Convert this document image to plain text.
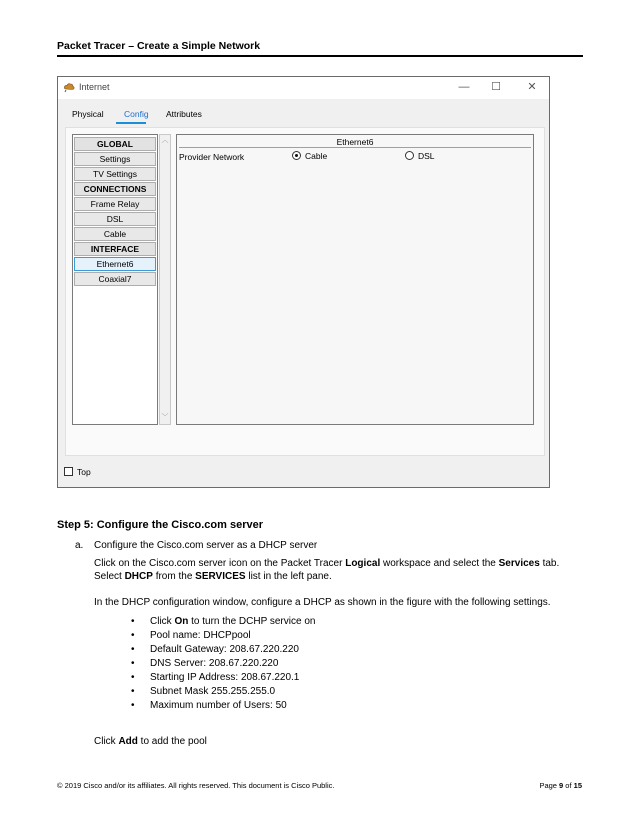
Packet Tracer – Create a Simple Network
Internet	— ☐	✕
Physical Config Attributes
GLOBAL
Settings
TV Settings
CONNECTIONS
Frame Relay
DSL
Cable
INTERFACE
Ethernet6
Coaxial7
︿
﹀
Ethernet6
Provider Network	Cable	DSL
Top
Step 5: Configure the Cisco.com server
a. Configure the Cisco.com server as a DHCP server
Click on the Cisco.com server icon on the Packet Tracer Logical workspace and select the Services tab.
Select DHCP from the SERVICES list in the left pane.
In the DHCP configuration window, configure a DHCP as shown in the figure with the following settings.
• Click On to turn the DCHP service on
• Pool name: DHCPpool
• Default Gateway: 208.67.220.220
• DNS Server: 208.67.220.220
• Starting IP Address: 208.67.220.1
• Subnet Mask 255.255.255.0
• Maximum number of Users: 50
Click Add to add the pool
© 2019 Cisco and/or its affiliates. All rights reserved. This document is Cisco Public.	Page 9 of 15
